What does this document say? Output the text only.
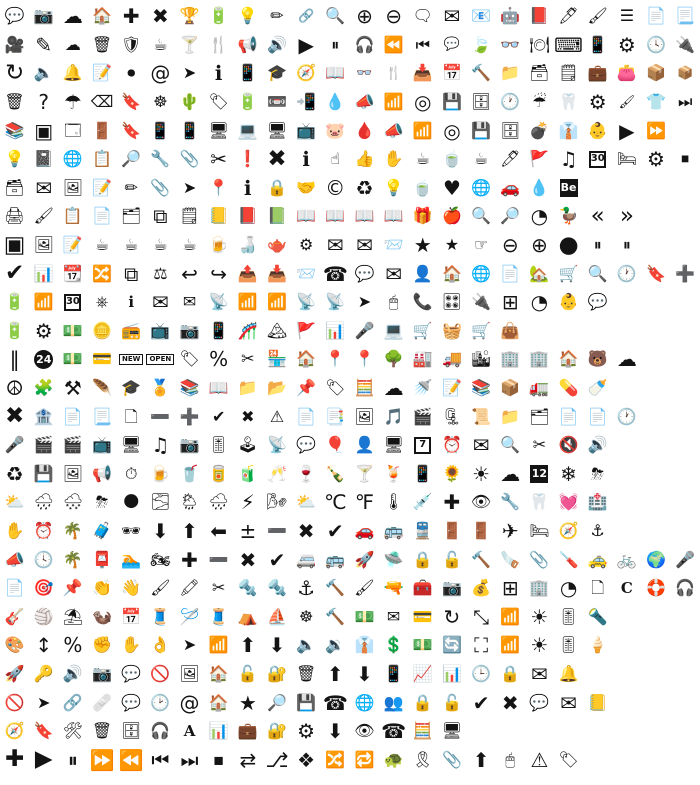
💬 📷 ☁ 🏠 ✚ ✖ 🏆 🔋 💡 ✏ 🔗 🔍 ⊕ ⊖ 🗨 ✉ 📧 🤖 📕 🖊 🖌 ☰ 📄 📃
🎥 ✎ ☁ 🗑 🛡 ☕ 🍸 🍴 📢 🔊 ▶ ⏸ 🎧 ⏪ ⏮ 💬 🍃 👓 🍽 ⌨ 📱 ⚙ 🕓 🔌
↻ 🔈 🔔 📝 ⏺ @ ➤ ℹ 📱 🎓 🧭 📖 👓 🍴 📥 📅 🔨 📁 🗃 🗒 💼 👛 📦 📦
🗑 ? ☂ ⌫ 🔖 ☸ 🌵 🏷 🔋 📼 📲 💧 📣 📶 ◎ 💾 🗄 🕐 ☔ 🦷 ⚙ 🖌 👕 ⏭
📚 ▣ 🗔 🚪 🔖 📱 📱 🖥 💻 🖥 📺 🐷 🩸 📣 📶 ◎ 💾 🗄 💣 👔 👶 ▶ ⏩
💡 📓 🌐 📋 🔎 🔧 📎 ✂ ❗ ✖ ℹ ☝ 👍 ✋ ☕ 🍵 ☕ 🖊 🚩 ♫ 30 🛏 ⚙ ⏹
🗃 ✉ 🖼 📝 ✏ 📎 ➤ 📍 ℹ 🔒 🤝 © ♻ 💡 🍵 ♥ 🌐 🚗 💧 Be
🖨 🖌 📋 📄 🗂 ⧉ 🗒 📒 📕 📗 📖 📖 📖 📖 🎁 🍎 🔍 🔎 ◔ 🦆 « »
▣ 🖼 📝 ☕ ☕ ☕ ☕ 🍺 🍶 🫖 ⚙ ✉ ✉ 📨 ★ ★ ☞ ⊖ ⊕ ● ⏸ ⏸
✔ 📊 📆 🔀 ⧉ ⚖ ↩ ↪ 📤 📥 📨 ☎ 💬 ✉ 👤 🏠 🌐 📄 🏡 🛒 🔍 🕐 🔖 ➕
🔋 📶 30 ⎈ i ✉ ✉ 📡 📶 📶 📡 📡 ➤ 🖱 📞 🎛 🔌 ⊞ ◔ 👶 💬
🔋 ⚙ 💵 🪙 📻 📺 📷 📱 🎢 🏔 🚩 📊 🎤 💻 🛒 🧺 🛒 👜
‖ 24 💵 💳	NEW	OPEN 🏷 % ✂ 🏪 🏠 📍 📍 🌳 🏭 🚚 🏙 🏢 🏢 🏠 🐻 ☁
☮ 🧩 ⚒ 🪶 🎓 🏅 📚 📖 📁 📂 📌 🏷 🧮 ☁ 🚿 📝 📚 📦 🚛 💊 🍼
✖ 🏦 📄 📃 🗋 ➖ ➕ ✔ ✖ ⚠ 📄 📑 🖼 🎵 🎬 🗜 📜 📁 🗂 📄 📄 🕐
🎤 🎬 🎬 📺 🖥 ♫ 📷 🎚 🕹 📡 💬 🎈 👤 🖥	7 ⏰ ✉ 🔍 ✂ 🔇 🔊
♻ 💾 🖼 📢 ⏱ 🍺 🥤 🥫 🧃 🥂 🍷 🍾 🍸 🍹 📱 🌻 ☀ ☁ 12 ❄ ⛈
⛅ 🌧 🌨 ⛈ 🌑 🌫 🌦 🌧 ⚡ 🌬 ⛅ ℃ ℉ 🌡 💉 ✚ 👁 🔧 🦷 💓 🏥
✋ ⏰ 🌴 🧳 🕶 ⬇ ⬆ ⬅ ± ➖ ✖ ✔ 🚗 🚌 🚆 🚪 🚪 ✈ 🛏 🧭 ⚓
📣 🕓 🌴 📮 🏊 🏍 ✚ ➖ ✖ ✔ 🚐 🚌 🚀 🛸 🔒 🔓 🔨 🪚 📎 🪛 🚕 🚲 🌍 🎤
📄 🎯 📌 👏 👋 🖌 🖍 ✂ 🔩 🔩 ⚓ 🔨 🖌 🔫 🧰 📷 💰 ⊞ 🏢 ◔ 🗋 C 🛟 🎧
🎸 🏐 ⛱ 🦦 📅 🧵 🪡 🧵 ⛺ ⛵ ☸ 🔨 💵 ✉ 💳 ↻ ⤡ 📶 ☀ 🎚 🔦
🎨 ↕ % ✊ ✋ 👌 ➤ 📶 ⬆ ⬇ 🔈 🔉 👔 💲 💵 🔄 ⛶ 📶 ☀ 🎚 🍦
🚀 🔑 🔊 📷 💬 🚫 🖼 🏠 🔓 🔐 🗑 ⬆ ⬇ 📱 📈 📊 🕒 🔒 ✉ 🔔
🚫 ➤ 🔗 🩹 💬 🕑 @ 🏠 ★ 🔎 💾 ☎ 🌐 👥 🔒 🔓 ✔ ✖ 💬 ✉ 📒
🧭 🔖 🛠 🗑 🗄 🎧 A 📊 💼 🔐 ⚙ ⬇ 👁 ☎ 🧮 🖥
✚ ▶ ⏸ ⏩ ⏪ ⏮ ⏭ ⏹ ⇄ ⎇ ❖ 🔀 🔁 🐢 🎗 📎 ⬆ 🖱 ⚠ 🏷
